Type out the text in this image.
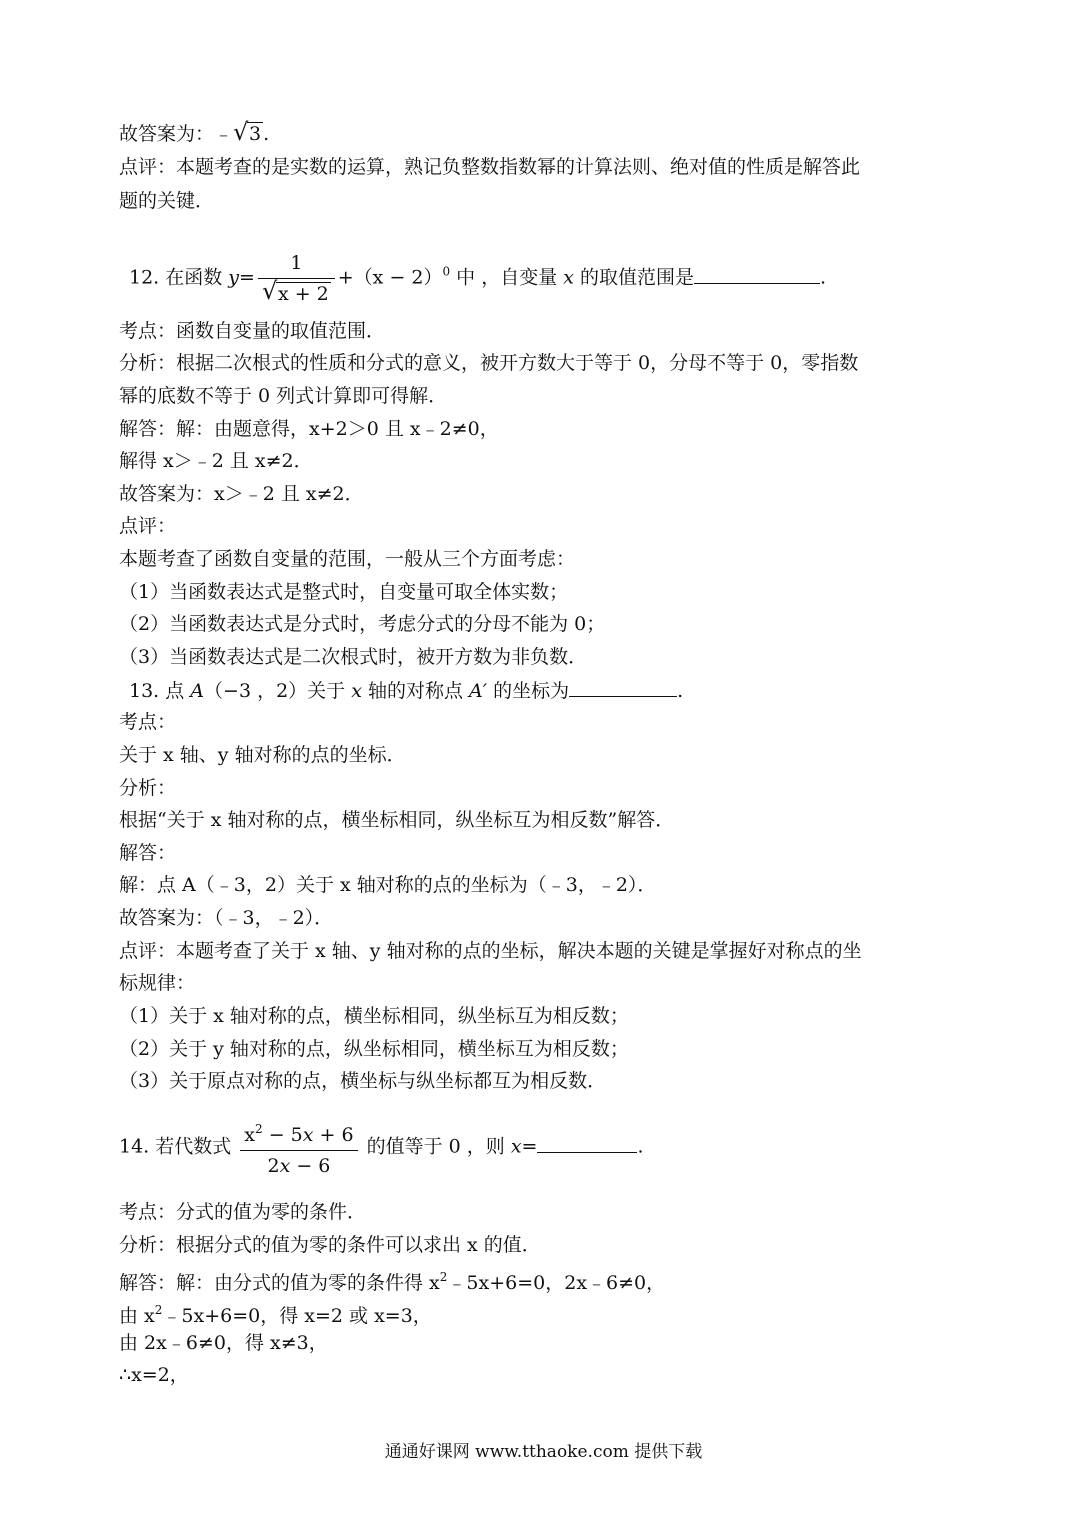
故答案为：﹣ √ 3 .
点评：本题考查的是实数的运算，熟记负整数指数幂的计算法则、绝对值的性质是解答此
题的关键．
12. 在函数 $y= \frac{1}{√ x + 2} +(x - 2)^0$ 中 ，自变量 x 的取值范围是	.
考点：函数自变量的取值范围．
分析：根据二次根式的性质和分式的意义，被开方数大于等于 0，分母不等于 0，零指数
幂的底数不等于 0 列式计算即可得解．
解答：解：由题意得，x+2＞0 且 x﹣2≠0，
解得 x＞﹣2 且 x≠2．
故答案为：x＞﹣2 且 x≠2．
点评：
本题考查了函数自变量的范围，一般从三个方面考虑：
（1）当函数表达式是整式时，自变量可取全体实数；
（2）当函数表达式是分式时，考虑分式的分母不能为 0；
（3）当函数表达式是二次根式时，被开方数为非负数．
13. 点 A（−3 ，2）关于 x 轴的对称点 A′ 的坐标为	.
考点：
关于 x 轴、y 轴对称的点的坐标．
分析：
根据“关于 x 轴对称的点，横坐标相同，纵坐标互为相反数”解答．
解答：
解：点 A（﹣3，2）关于 x 轴对称的点的坐标为（﹣3，﹣2）．
故答案为：（﹣3，﹣2）．
点评：本题考查了关于 x 轴、y 轴对称的点的坐标，解决本题的关键是掌握好对称点的坐
标规律：
（1）关于 x 轴对称的点，横坐标相同，纵坐标互为相反数；
（2）关于 y 轴对称的点，纵坐标相同，横坐标互为相反数；
（3）关于原点对称的点，横坐标与纵坐标都互为相反数．
14. 若代数式 $\frac{x^2 - 5x + 6}{2x - 6}$ 的值等于 0 ，则 x=	.
考点：分式的值为零的条件．
分析：根据分式的值为零的条件可以求出 x 的值．
解答：解：由分式的值为零的条件得 $x^2﹣5x+6=0$，2x﹣6≠0，
由 $x^2﹣5x+6=0$，得 x=2 或 x=3，
由 2x﹣6≠0，得 x≠3，
∴x=2，
通通好课网 www.tthaoke.com 提供下载
